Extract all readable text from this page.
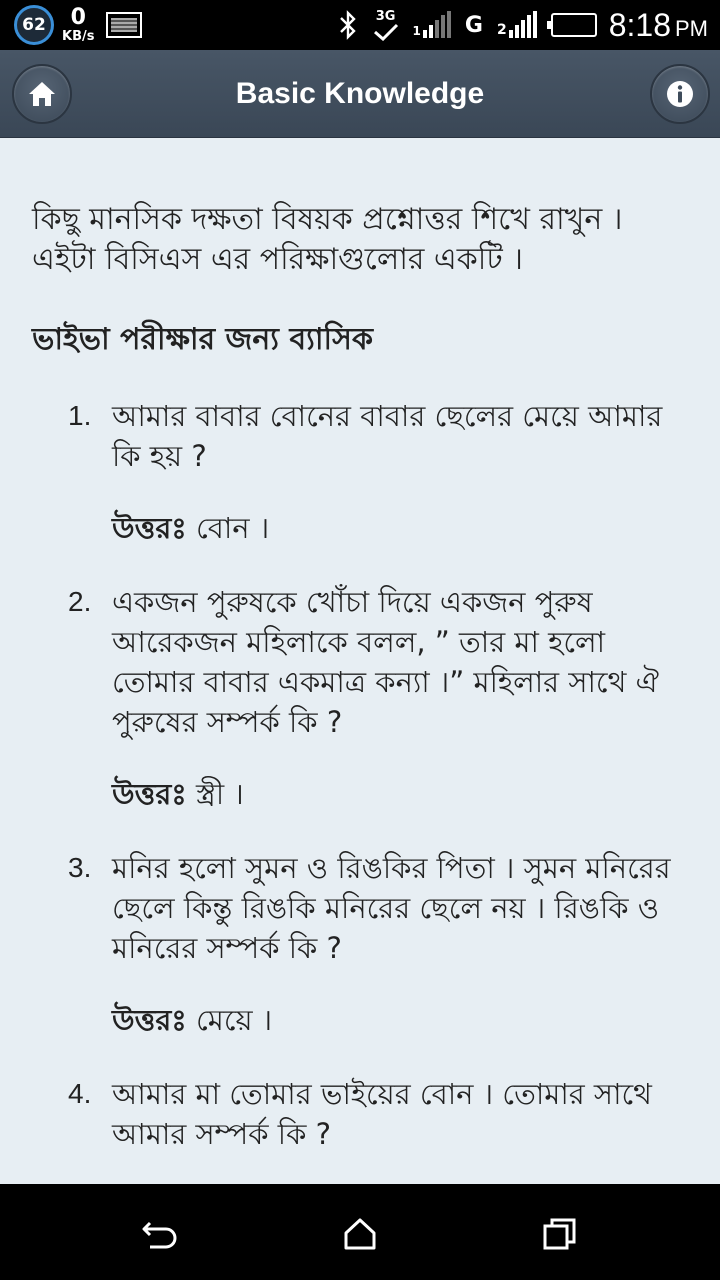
62	0
KB/s
3G
1 G 2	8:18 PM
Basic Knowledge

কিছু মানসিক দক্ষতা বিষয়ক প্রশ্নোত্তর শিখে রাখুন । এইটা বিসিএস এর পরিক্ষাগুলোর একটি ।

ভাইভা পরীক্ষার জন্য ব্যাসিক
1. আমার বাবার বোনের বাবার ছেলের মেয়ে আমার কি হয় ?

উত্তরঃ বোন ।

2. একজন পুরুষকে খোঁচা দিয়ে একজন পুরুষ আরেকজন মহিলাকে বলল, ” তার মা হলো তোমার বাবার একমাত্র কন্যা ।” মহিলার সাথে ঐ পুরুষের সম্পর্ক কি ?

উত্তরঃ স্ত্রী ।

3. মনির হলো সুমন ও রিঙকির পিতা । সুমন মনিরের ছেলে কিন্তু রিঙকি মনিরের ছেলে নয় । রিঙকি ও মনিরের সম্পর্ক কি ?

উত্তরঃ মেয়ে ।

4. আমার মা তোমার ভাইয়ের বোন । তোমার সাথে আমার সম্পর্ক কি ?
